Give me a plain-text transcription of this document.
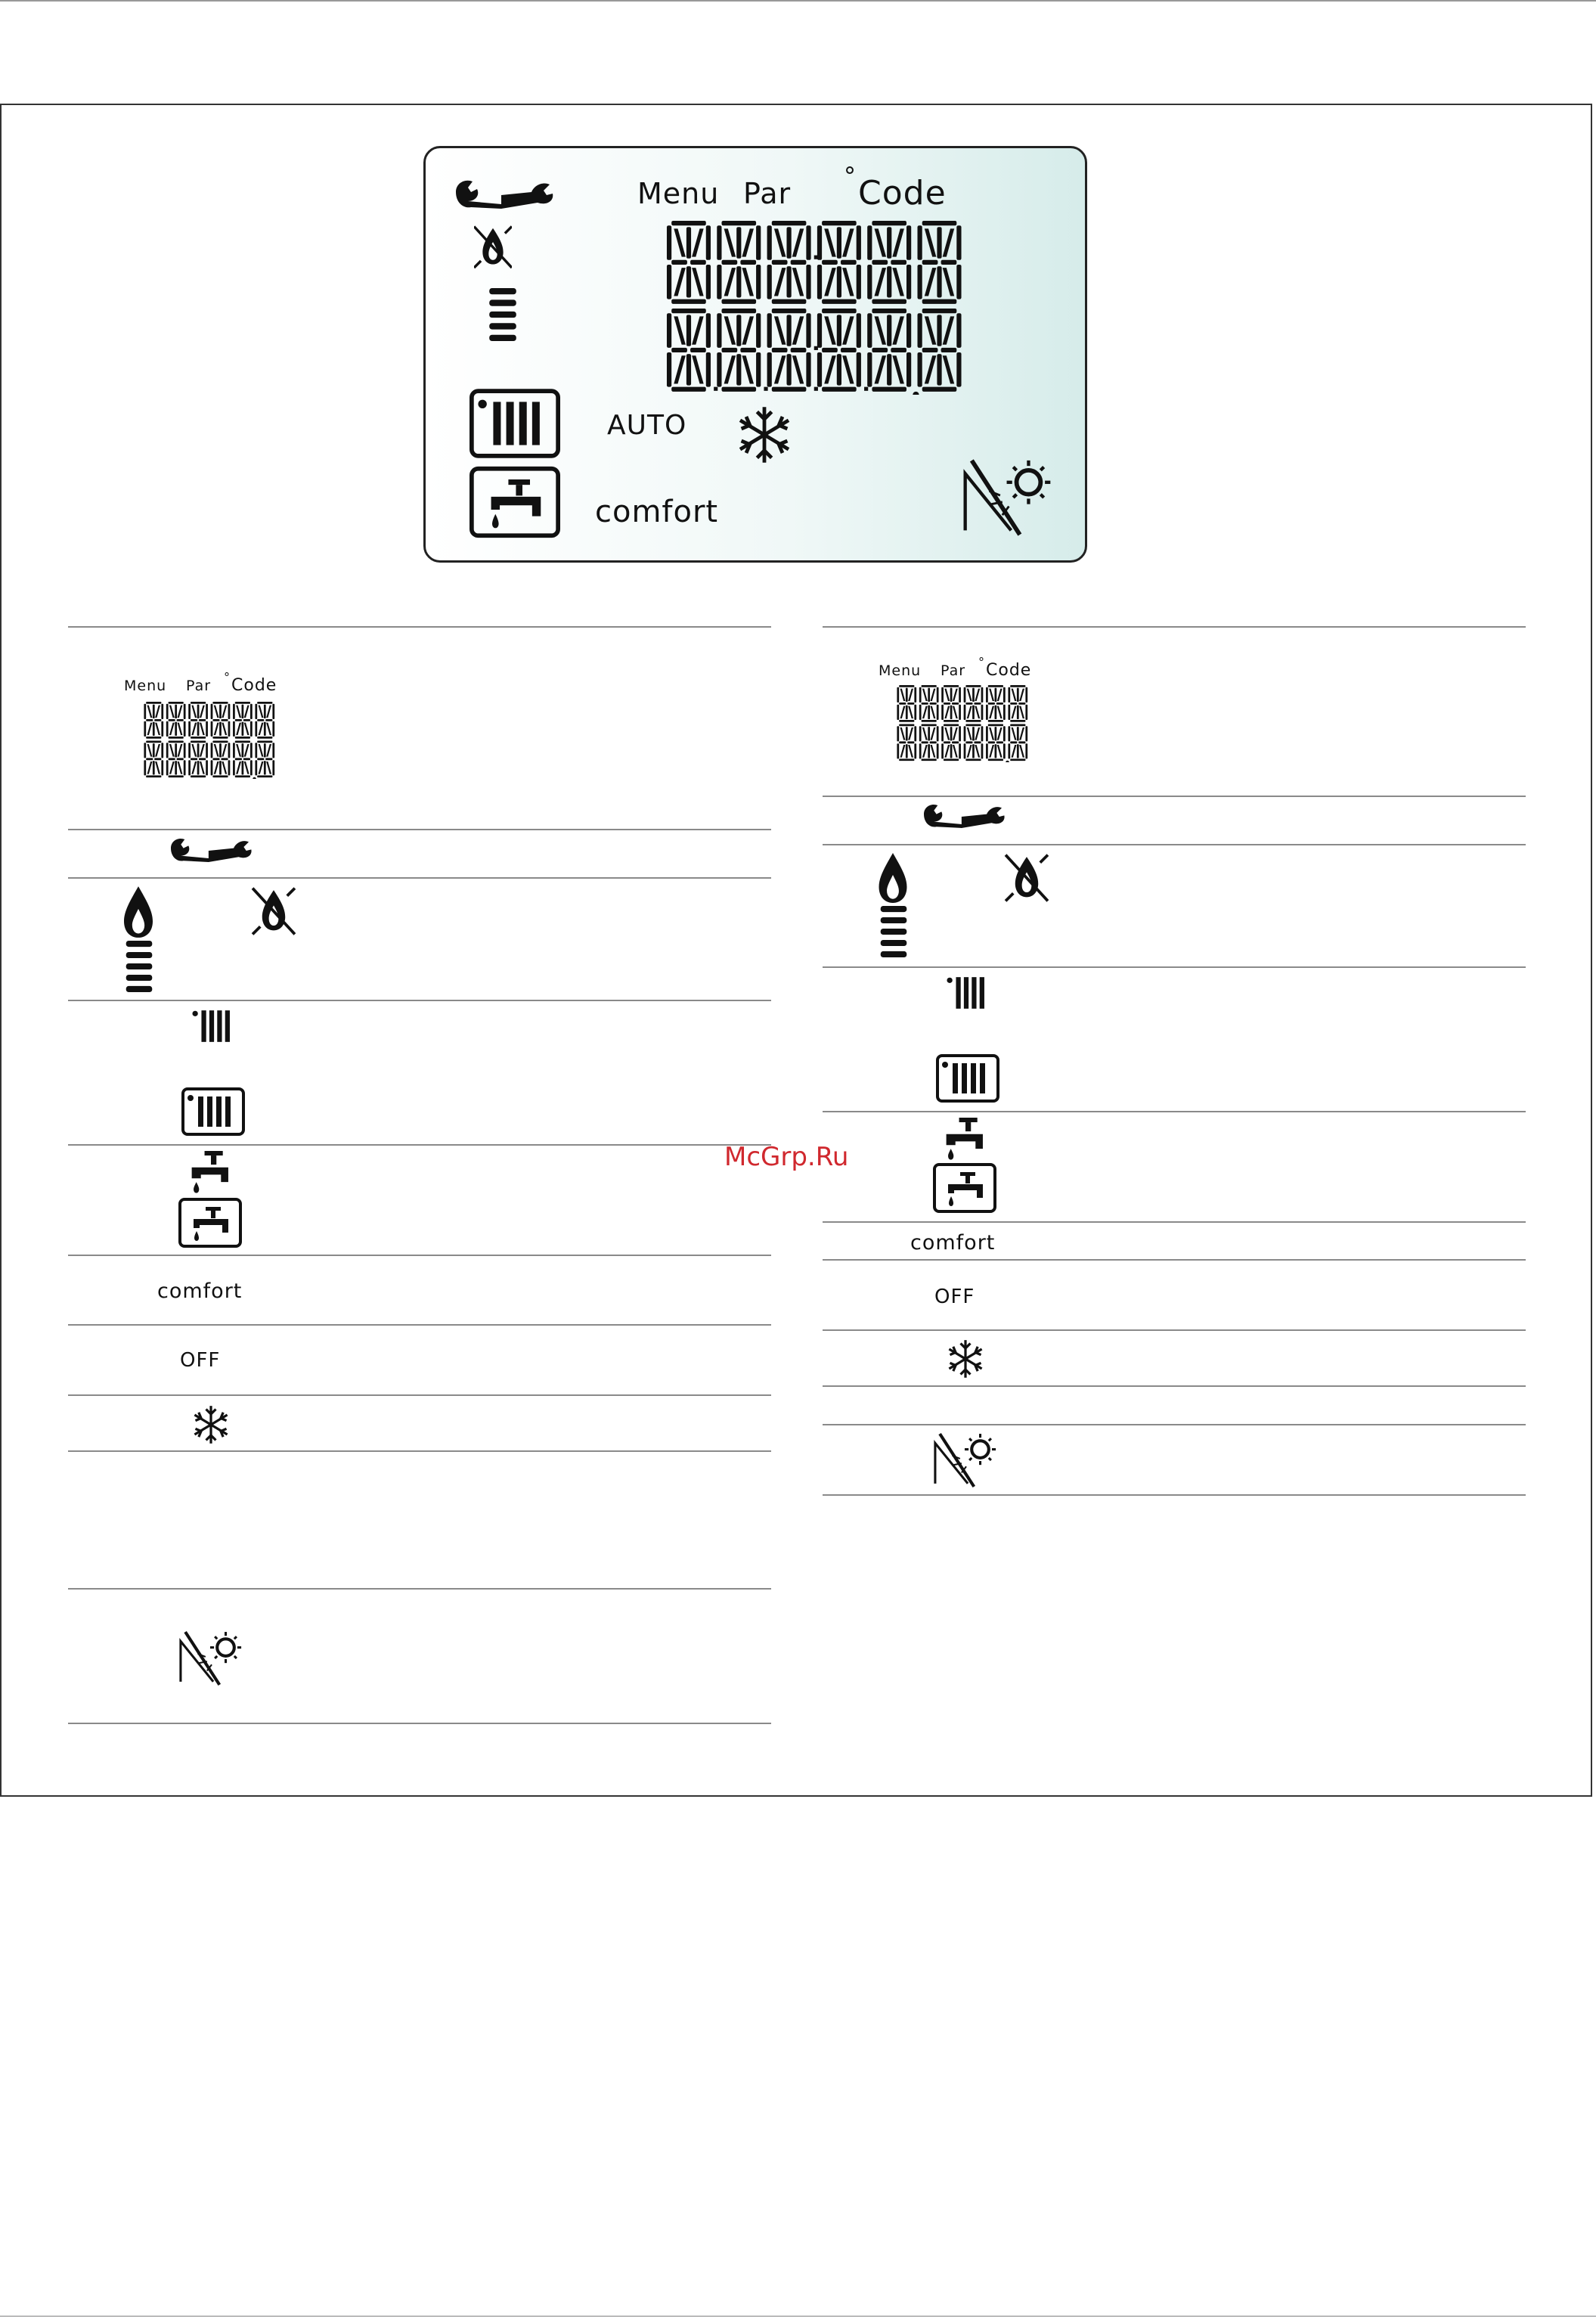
Menu Par
° Code
AUTO
comfort
Menu Par
° Code
comfort
OFF
Menu Par
° Code
comfort
OFF
McGrp.Ru
